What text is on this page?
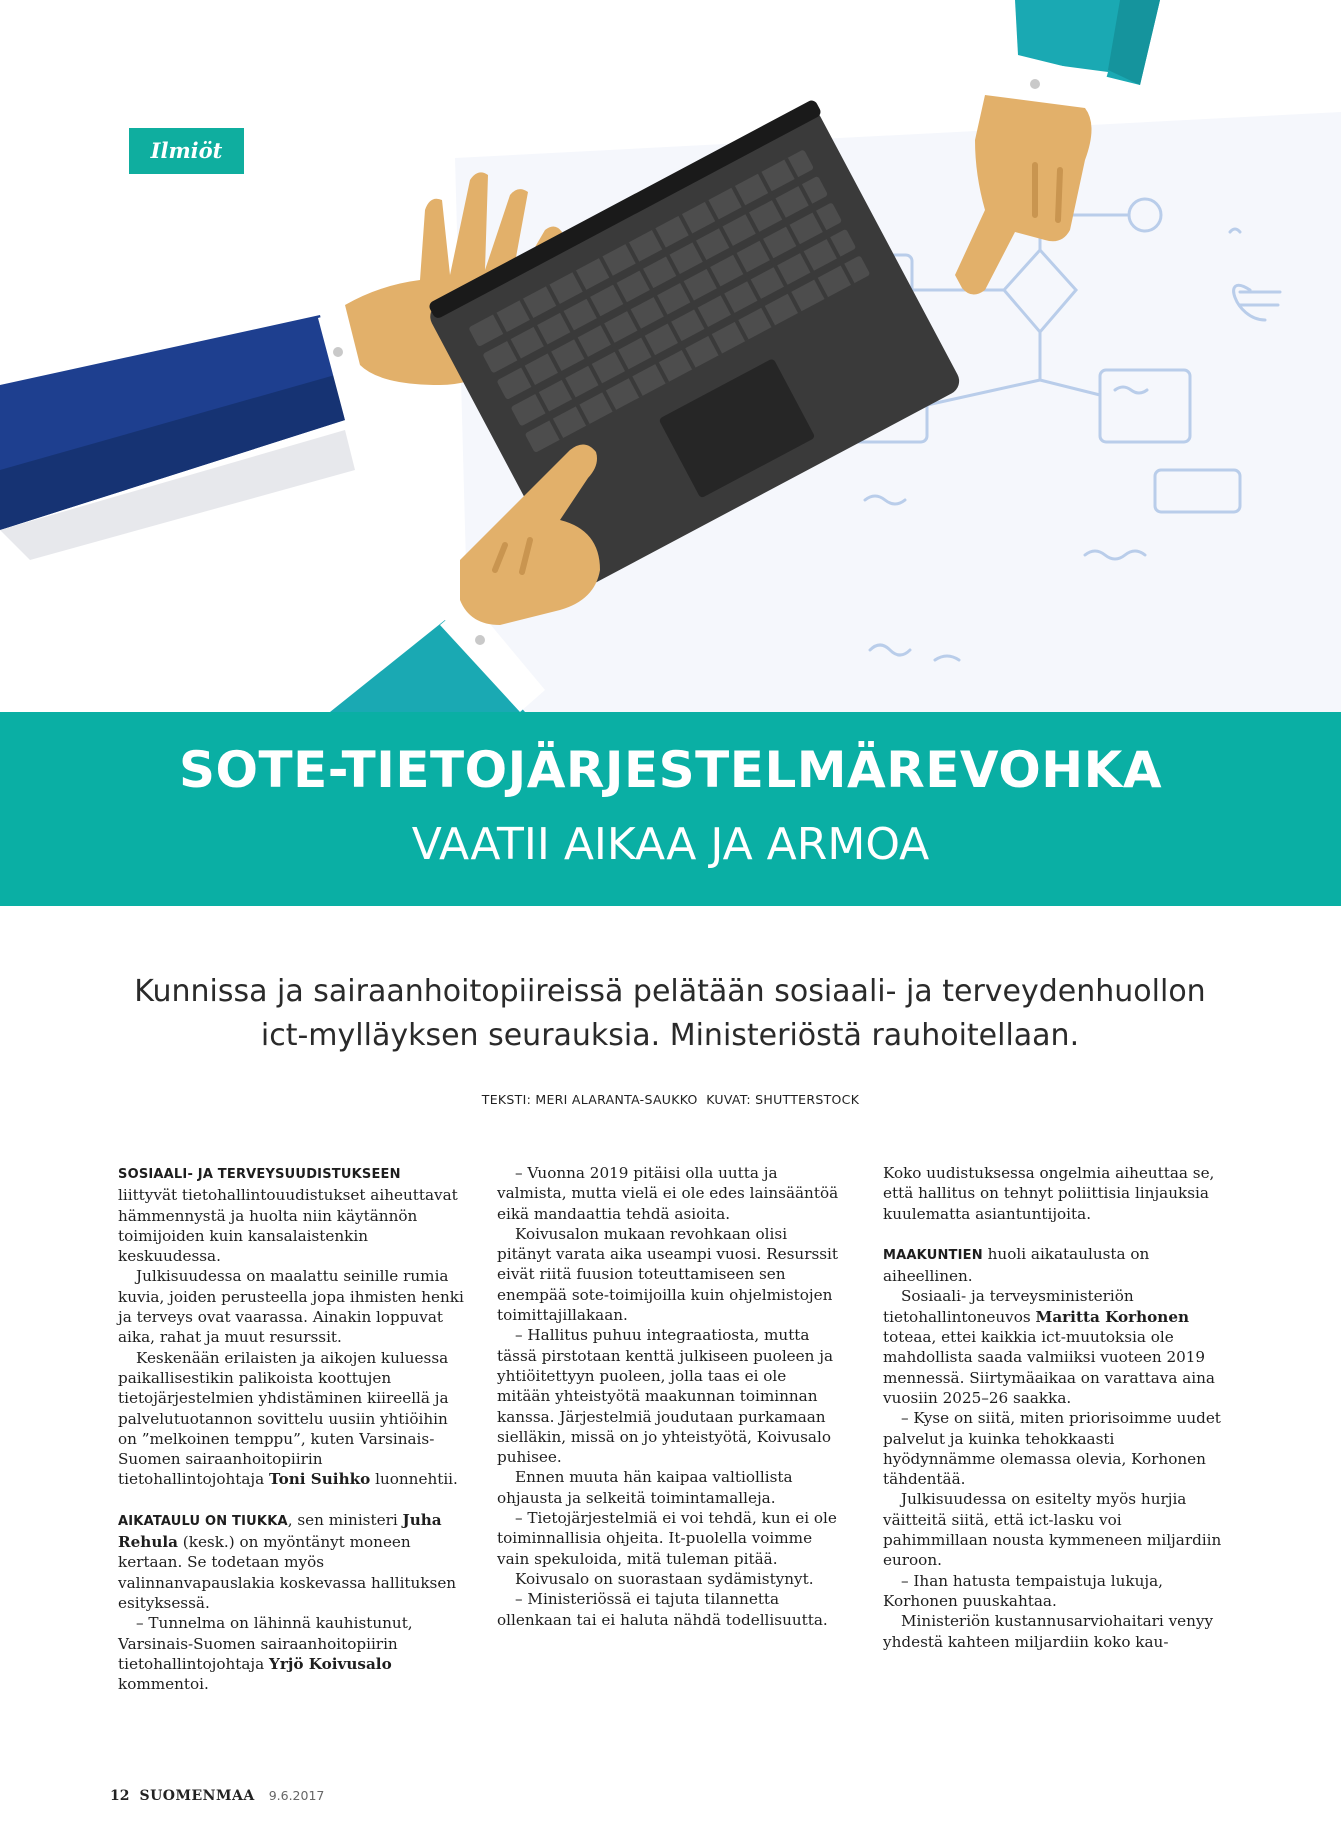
Ilmiöt
SOTE-TIETOJÄRJESTELMÄREVOHKA
VAATII AIKAA JA ARMOA
Kunnissa ja sairaanhoitopiireissä pelätään sosiaali- ja terveydenhuollon
ict-mylläyksen seurauksia. Ministeriöstä rauhoitellaan.
TEKSTI: MERI ALARANTA-SAUKKO  KUVAT: SHUTTERSTOCK

SOSIAALI- JA TERVEYSUUDISTUKSEEN liittyvät tietohallintouudistukset aiheuttavat hämmennystä ja huolta niin käytännön toimijoiden kuin kansalaistenkin keskuudessa.

Julkisuudessa on maalattu seinille rumia kuvia, joiden perusteella jopa ihmisten henki ja terveys ovat vaarassa. Ainakin loppuvat aika, rahat ja muut resurssit.

Keskenään erilaisten ja aikojen kuluessa paikallisestikin palikoista koottujen tietojärjestelmien yhdistäminen kiireellä ja palvelutuotannon sovittelu uusiin yhtiöihin on ”melkoinen temppu”, kuten Varsinais-Suomen sairaanhoitopiirin tietohallintojohtaja Toni Suihko luonnehtii.

AIKATAULU ON TIUKKA, sen ministeri Juha Rehula (kesk.) on myöntänyt moneen kertaan. Se todetaan myös valinnanvapauslakia koskevassa hallituksen esityksessä.

– Tunnelma on lähinnä kauhistunut, Varsinais-Suomen sairaanhoitopiirin tietohallintojohtaja Yrjö Koivusalo kommentoi.

– Vuonna 2019 pitäisi olla uutta ja valmista, mutta vielä ei ole edes lainsääntöä eikä mandaattia tehdä asioita.

Koivusalon mukaan revohkaan olisi pitänyt varata aika useampi vuosi. Resurssit eivät riitä fuusion toteuttamiseen sen enempää sote-toimijoilla kuin ohjelmistojen toimittajillakaan.

– Hallitus puhuu integraatiosta, mutta tässä pirstotaan kenttä julkiseen puoleen ja yhtiöitettyyn puoleen, jolla taas ei ole mitään yhteistyötä maakunnan toiminnan kanssa. Järjestelmiä joudutaan purkamaan sielläkin, missä on jo yhteistyötä, Koivusalo puhisee.

Ennen muuta hän kaipaa valtiollista ohjausta ja selkeitä toimintamalleja.

– Tietojärjestelmiä ei voi tehdä, kun ei ole toiminnallisia ohjeita. It-puolella voimme vain spekuloida, mitä tuleman pitää.

Koivusalo on suorastaan sydämistynyt.

– Ministeriössä ei tajuta tilannetta ollenkaan tai ei haluta nähdä todellisuutta.

Koko uudistuksessa ongelmia aiheuttaa se, että hallitus on tehnyt poliittisia linjauksia kuulematta asiantuntijoita.

MAAKUNTIEN huoli aikataulusta on aiheellinen.

Sosiaali- ja terveysministeriön tietohallintoneuvos Maritta Korhonen toteaa, ettei kaikkia ict-muutoksia ole mahdollista saada valmiiksi vuoteen 2019 mennessä. Siirtymäaikaa on varattava aina vuosiin 2025–26 saakka.

– Kyse on siitä, miten priorisoimme uudet palvelut ja kuinka tehokkaasti hyödynnämme olemassa olevia, Korhonen tähdentää.

Julkisuudessa on esitelty myös hurjia väitteitä siitä, että ict-lasku voi pahimmillaan nousta kymmeneen miljardiin euroon.

– Ihan hatusta tempaistuja lukuja, Korhonen puuskahtaa.

Ministeriön kustannusarviohaitari venyy yhdestä kahteen miljardiin koko kau-

12 SUOMENMAA 9.6.2017
